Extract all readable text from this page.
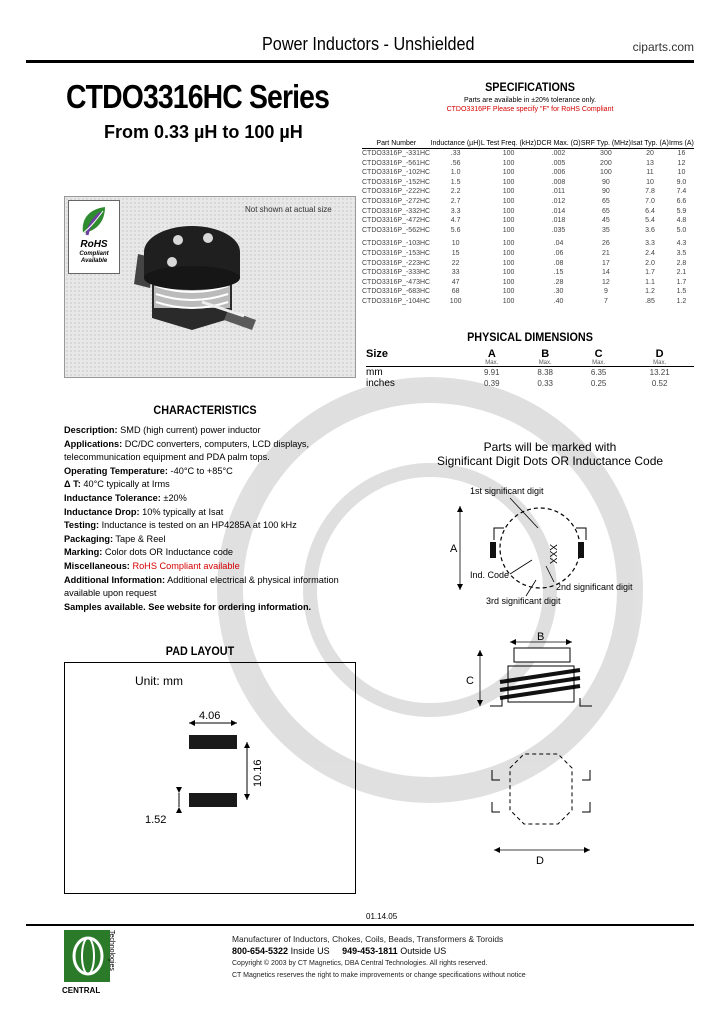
Power Inductors - Unshielded	ciparts.com
CTDO3316HC Series
From 0.33 µH to 100 µH
Not shown at actual size
RoHS
Compliant
Available
CHARACTERISTICS
Description: SMD (high current) power inductor
Applications: DC/DC converters, computers, LCD displays, telecommunication equipment and PDA palm tops.
Operating Temperature: -40°C to +85°C
Δ T: 40°C typically at Irms
Inductance Tolerance: ±20%
Inductance Drop: 10% typically at Isat
Testing: Inductance is tested on an HP4285A at 100 kHz
Packaging: Tape & Reel
Marking: Color dots OR Inductance code
Miscellaneous: RoHS Compliant available
Additional Information: Additional electrical & physical information available upon request
Samples available. See website for ordering information.
PAD LAYOUT
Unit: mm
4.06
10.16
1.52
SPECIFICATIONS
Parts are available in ±20% tolerance only.
CTDO3316PF Please specify "F" for RoHS Compliant
Part Number	Inductance (µH)	L Test Freq. (kHz)	DCR Max. (Ω)	SRF Typ. (MHz)	Isat Typ. (A)	Irms (A)
CTDO3316P_-331HC	.33	100	.002	300	20	16
CTDO3316P_-561HC	.56	100	.005	200	13	12
CTDO3316P_-102HC	1.0	100	.006	100	11	10
CTDO3316P_-152HC	1.5	100	.008	90	10	9.0
CTDO3316P_-222HC	2.2	100	.011	90	7.8	7.4
CTDO3316P_-272HC	2.7	100	.012	65	7.0	6.6
CTDO3316P_-332HC	3.3	100	.014	65	6.4	5.9
CTDO3316P_-472HC	4.7	100	.018	45	5.4	4.8
CTDO3316P_-562HC	5.6	100	.035	35	3.6	5.0
CTDO3316P_-103HC	10	100	.04	26	3.3	4.3
CTDO3316P_-153HC	15	100	.06	21	2.4	3.5
CTDO3316P_-223HC	22	100	.08	17	2.0	2.8
CTDO3316P_-333HC	33	100	.15	14	1.7	2.1
CTDO3316P_-473HC	47	100	.28	12	1.1	1.7
CTDO3316P_-683HC	68	100	.30	9	1.2	1.5
CTDO3316P_-104HC	100	100	.40	7	.85	1.2
PHYSICAL DIMENSIONS
Size	A	B	C	D
	Max.	Max.	Max.	Max.
mm	9.91	8.38	6.35	13.21
inches	0.39	0.33	0.25	0.52
Parts will be marked with
Significant Digit Dots OR Inductance Code
1st significant digit
XXX
A
Ind. Code
2nd significant digit
3rd significant digit
B
C
D
01.14.05
CENTRAL
Technologies	Manufacturer of Inductors, Chokes, Coils, Beads, Transformers & Toroids
800-654-5322 Inside US 949-453-1811 Outside US
Copyright © 2003 by CT Magnetics, DBA Central Technologies. All rights reserved.
CT Magnetics reserves the right to make improvements or change specifications without notice
